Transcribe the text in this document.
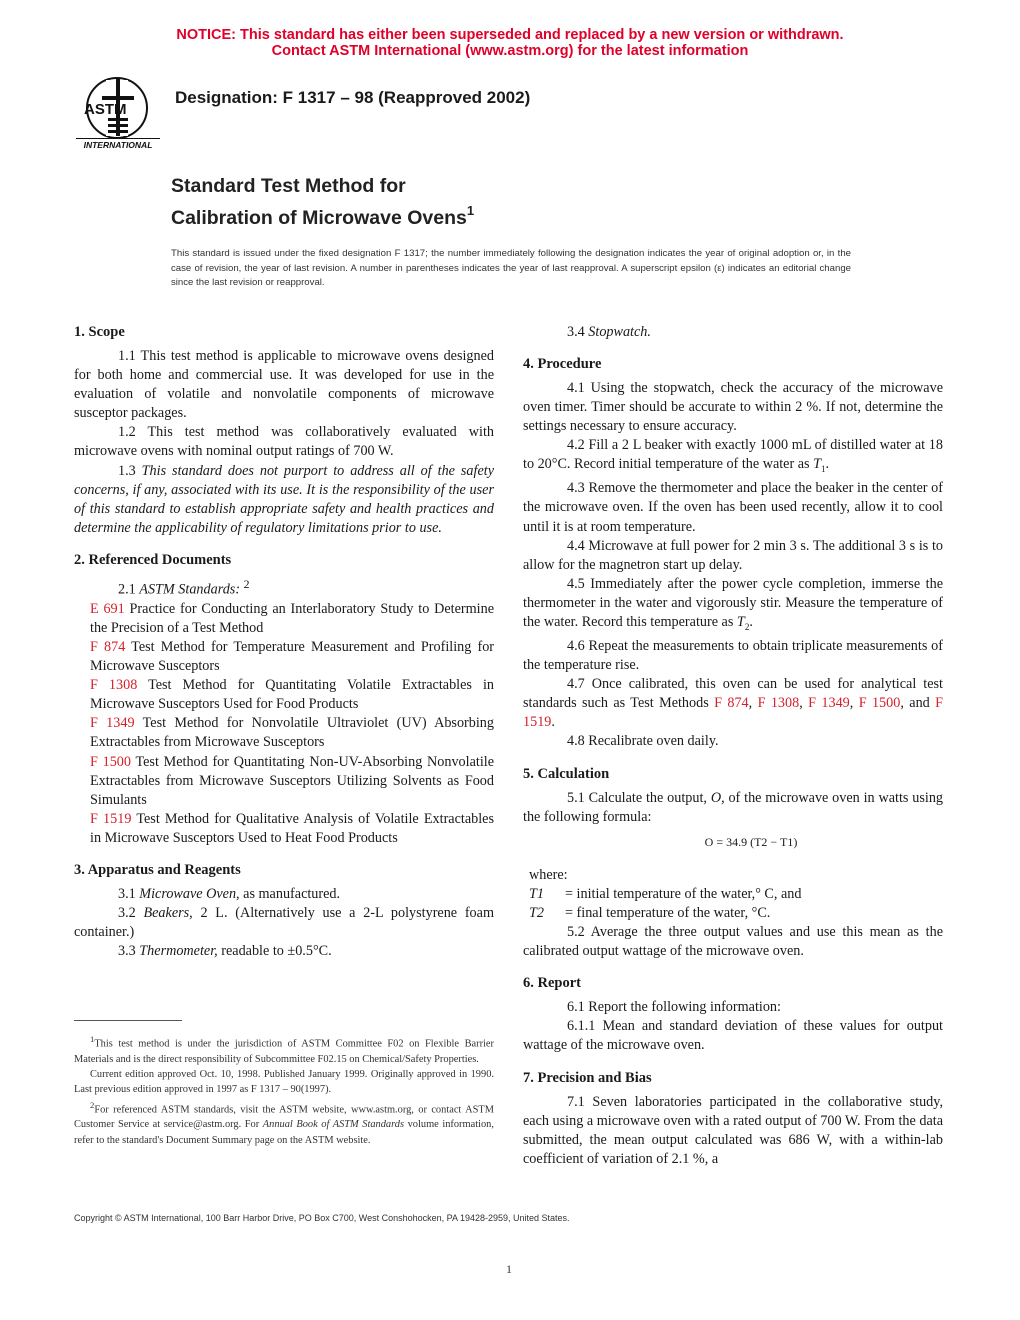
NOTICE: This standard has either been superseded and replaced by a new version or withdrawn.
Contact ASTM International (www.astm.org) for the latest information
ASTM
INTERNATIONAL
Designation: F 1317 – 98 (Reapproved 2002)
Standard Test Method for
Calibration of Microwave Ovens$^1$
This standard is issued under the fixed designation F 1317; the number immediately following the designation indicates the year of original adoption or, in the case of revision, the year of last revision. A number in parentheses indicates the year of last reapproval. A superscript epsilon (ε) indicates an editorial change since the last revision or reapproval.
1. Scope

1.1 This test method is applicable to microwave ovens designed for both home and commercial use. It was developed for use in the evaluation of volatile and nonvolatile components of microwave susceptor packages.

1.2 This test method was collaboratively evaluated with microwave ovens with nominal output ratings of 700 W.

1.3 This standard does not purport to address all of the safety concerns, if any, associated with its use. It is the responsibility of the user of this standard to establish appropriate safety and health practices and determine the applicability of regulatory limitations prior to use.

2. Referenced Documents

2.1 ASTM Standards: $^2$

E 691 Practice for Conducting an Interlaboratory Study to Determine the Precision of a Test Method

F 874 Test Method for Temperature Measurement and Profiling for Microwave Susceptors

F 1308 Test Method for Quantitating Volatile Extractables in Microwave Susceptors Used for Food Products

F 1349 Test Method for Nonvolatile Ultraviolet (UV) Absorbing Extractables from Microwave Susceptors

F 1500 Test Method for Quantitating Non-UV-Absorbing Nonvolatile Extractables from Microwave Susceptors Utilizing Solvents as Food Simulants

F 1519 Test Method for Qualitative Analysis of Volatile Extractables in Microwave Susceptors Used to Heat Food Products

3. Apparatus and Reagents

3.1 Microwave Oven, as manufactured.

3.2 Beakers, 2 L. (Alternatively use a 2-L polystyrene foam container.)

3.3 Thermometer, readable to ±0.5°C.

$^1$This test method is under the jurisdiction of ASTM Committee F02 on Flexible Barrier Materials and is the direct responsibility of Subcommittee F02.15 on Chemical/Safety Properties.

Current edition approved Oct. 10, 1998. Published January 1999. Originally approved in 1990. Last previous edition approved in 1997 as F 1317 – 90(1997).

$^2$For referenced ASTM standards, visit the ASTM website, www.astm.org, or contact ASTM Customer Service at service@astm.org. For Annual Book of ASTM Standards volume information, refer to the standard's Document Summary page on the ASTM website.

3.4 Stopwatch.

4. Procedure

4.1 Using the stopwatch, check the accuracy of the microwave oven timer. Timer should be accurate to within 2 %. If not, determine the settings necessary to ensure accuracy.

4.2 Fill a 2 L beaker with exactly 1000 mL of distilled water at 18 to 20°C. Record initial temperature of the water as $T_1$.

4.3 Remove the thermometer and place the beaker in the center of the microwave oven. If the oven has been used recently, allow it to cool until it is at room temperature.

4.4 Microwave at full power for 2 min 3 s. The additional 3 s is to allow for the magnetron start up delay.

4.5 Immediately after the power cycle completion, immerse the thermometer in the water and vigorously stir. Measure the temperature of the water. Record this temperature as $T_2$.

4.6 Repeat the measurements to obtain triplicate measurements of the temperature rise.

4.7 Once calibrated, this oven can be used for analytical test standards such as Test Methods F 874, F 1308, F 1349, F 1500, and F 1519.

4.8 Recalibrate oven daily.

5. Calculation

5.1 Calculate the output, O, of the microwave oven in watts using the following formula:

O = 34.9 (T2 − T1)

where:

T1 = initial temperature of the water,° C, and

T2 = final temperature of the water, °C.

5.2 Average the three output values and use this mean as the calibrated output wattage of the microwave oven.

6. Report

6.1 Report the following information:

6.1.1 Mean and standard deviation of these values for output wattage of the microwave oven.

7. Precision and Bias

7.1 Seven laboratories participated in the collaborative study, each using a microwave oven with a rated output of 700 W. From the data submitted, the mean output calculated was 686 W, with a within-lab coefficient of variation of 2.1 %, a

Copyright © ASTM International, 100 Barr Harbor Drive, PO Box C700, West Conshohocken, PA 19428-2959, United States.
1
